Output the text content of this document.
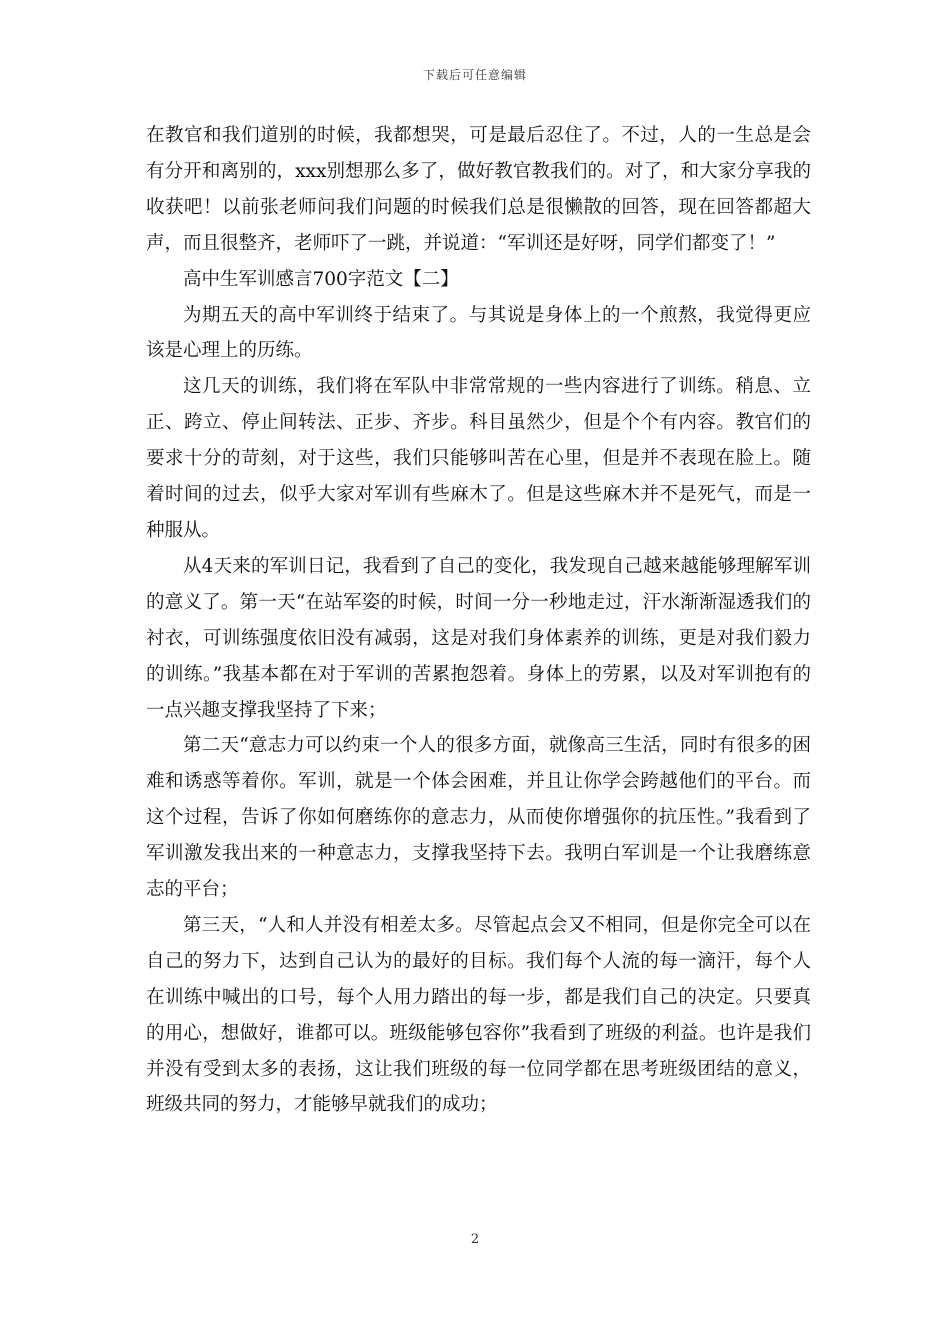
下载后可任意编辑

在教官和我们道别的时候，我都想哭，可是最后忍住了。不过，人的一生总是会有分开和离别的，xxx别想那么多了，做好教官教我们的。对了，和大家分享我的收获吧！以前张老师问我们问题的时候我们总是很懒散的回答，现在回答都超大声，而且很整齐，老师吓了一跳，并说道：“军训还是好呀，同学们都变了！”

高中生军训感言700字范文【二】

为期五天的高中军训终于结束了。与其说是身体上的一个煎熬，我觉得更应该是心理上的历练。

这几天的训练，我们将在军队中非常常规的一些内容进行了训练。稍息、立正、跨立、停止间转法、正步、齐步。科目虽然少，但是个个有内容。教官们的要求十分的苛刻，对于这些，我们只能够叫苦在心里，但是并不表现在脸上。随着时间的过去，似乎大家对军训有些麻木了。但是这些麻木并不是死气，而是一种服从。

从4天来的军训日记，我看到了自己的变化，我发现自己越来越能够理解军训的意义了。第一天“在站军姿的时候，时间一分一秒地走过，汗水渐渐湿透我们的衬衣，可训练强度依旧没有减弱，这是对我们身体素养的训练，更是对我们毅力的训练。”我基本都在对于军训的苦累抱怨着。身体上的劳累，以及对军训抱有的一点兴趣支撑我坚持了下来；

第二天“意志力可以约束一个人的很多方面，就像高三生活，同时有很多的困难和诱惑等着你。军训，就是一个体会困难，并且让你学会跨越他们的平台。而这个过程，告诉了你如何磨练你的意志力，从而使你增强你的抗压性。”我看到了军训激发我出来的一种意志力，支撑我坚持下去。我明白军训是一个让我磨练意志的平台；

第三天，“人和人并没有相差太多。尽管起点会又不相同，但是你完全可以在自己的努力下，达到自己认为的最好的目标。我们每个人流的每一滴汗，每个人在训练中喊出的口号，每个人用力踏出的每一步，都是我们自己的决定。只要真的用心，想做好，谁都可以。班级能够包容你”我看到了班级的利益。也许是我们并没有受到太多的表扬，这让我们班级的每一位同学都在思考班级团结的意义，班级共同的努力，才能够早就我们的成功；

2
